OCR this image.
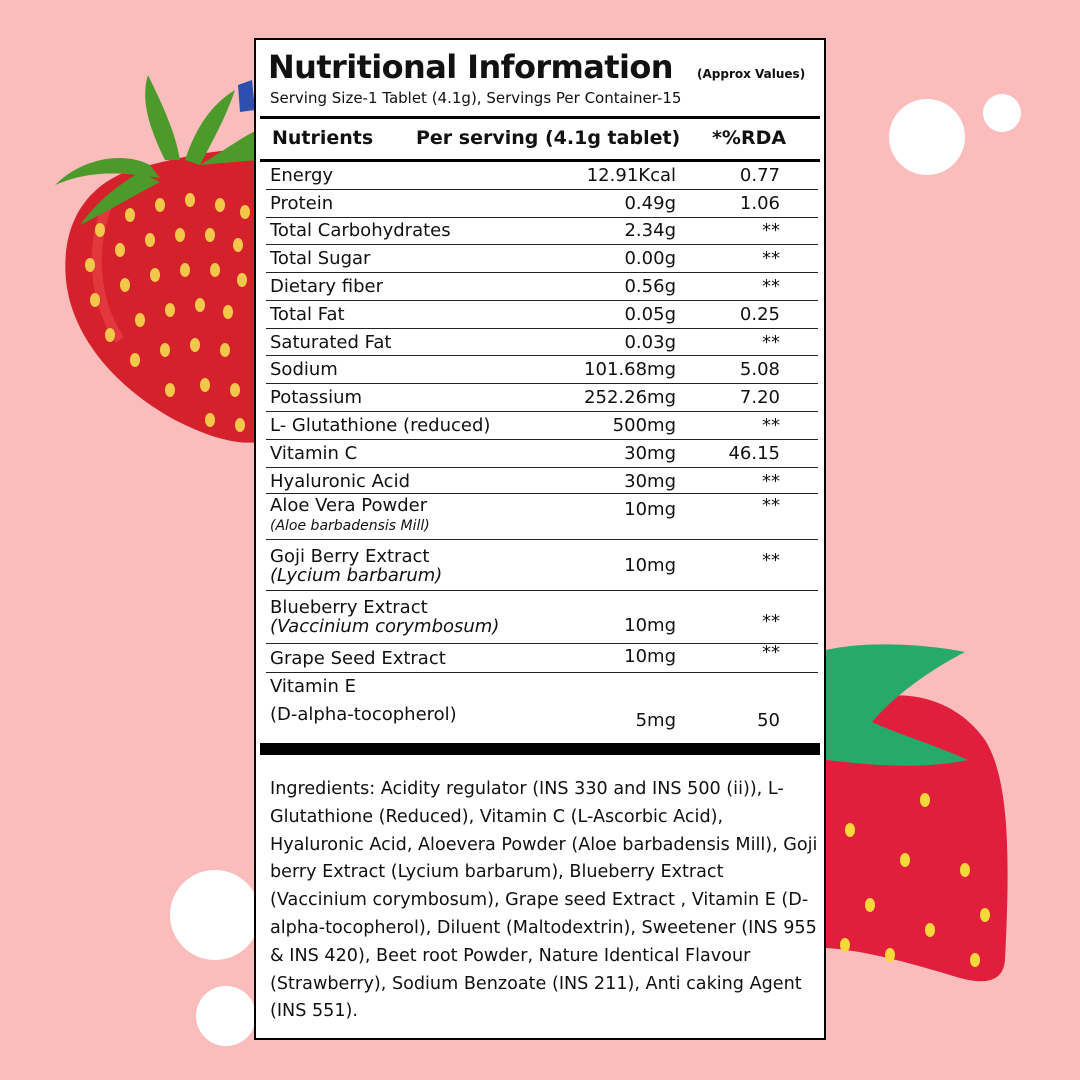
Nutritional Information (Approx Values)
Serving Size-1 Tablet (4.1g), Servings Per Container-15
Nutrients Per serving (4.1g tablet) *%RDA
Energy	12.91Kcal	0.77
Protein	0.49g	1.06
Total Carbohydrates	2.34g	**
Total Sugar	0.00g	**
Dietary fiber	0.56g	**
Total Fat	0.05g	0.25
Saturated Fat	0.03g	**
Sodium	101.68mg	5.08
Potassium	252.26mg	7.20
L- Glutathione (reduced)	500mg	**
Vitamin C	30mg	46.15
Hyaluronic Acid	30mg	**
Aloe Vera Powder
(Aloe barbadensis Mill)
10mg	**
Goji Berry Extract
(Lycium barbarum)	10mg	**
Blueberry Extract
(Vaccinium corymbosum)	10mg	**
Grape Seed Extract	10mg	**
Vitamin E
(D-alpha-tocopherol)	5mg	50
Ingredients: Acidity regulator (INS 330 and INS 500 (ii)), L-Glutathione (Reduced), Vitamin C (L-Ascorbic Acid), Hyaluronic Acid, Aloevera Powder (Aloe barbadensis Mill), Goji berry Extract (Lycium barbarum), Blueberry Extract (Vaccinium corymbosum), Grape seed Extract , Vitamin E (D-alpha-tocopherol), Diluent (Maltodextrin), Sweetener (INS 955 & INS 420), Beet root Powder, Nature Identical Flavour (Strawberry), Sodium Benzoate (INS 211), Anti caking Agent (INS 551).
